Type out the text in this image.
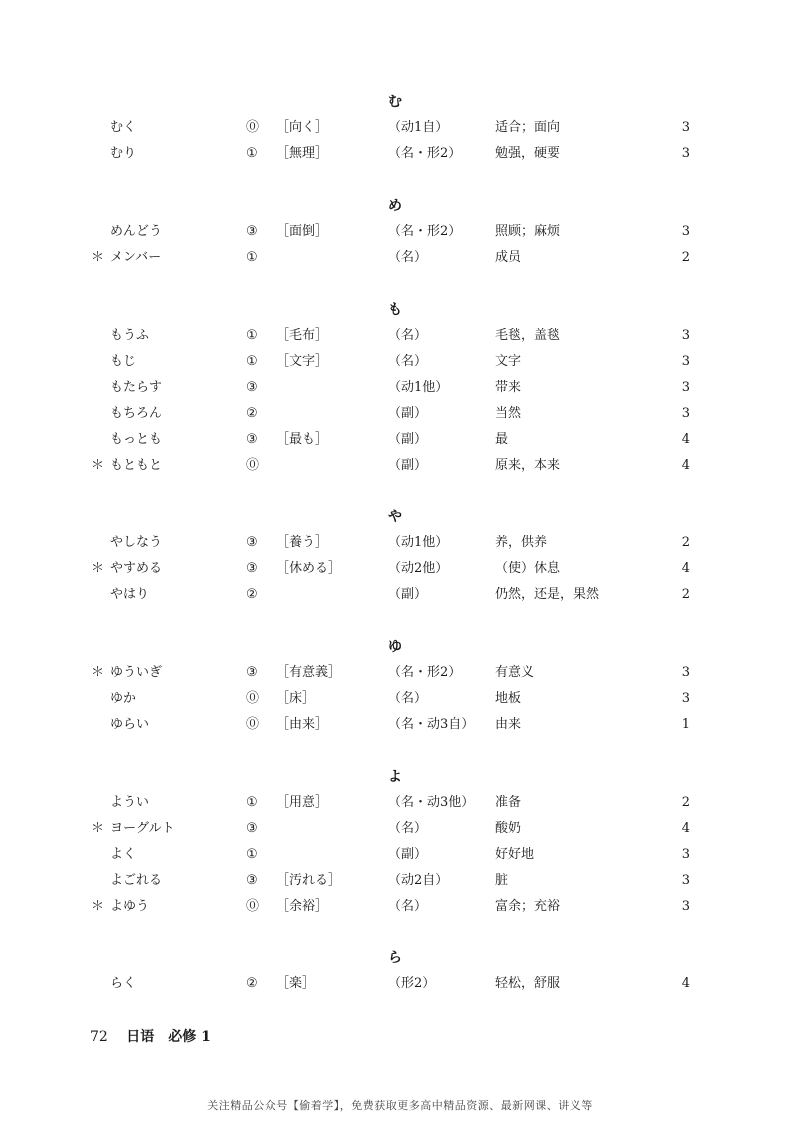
む
むく	⓪ ［向く］	（动1自）	适合；面向	3
むり	① ［無理］	（名・形2）	勉强，硬要	3
め
めんどう	③ ［面倒］	（名・形2）	照顾；麻烦	3
＊ メンバー	①	（名）	成员	2
も
もうふ	① ［毛布］	（名）	毛毯，盖毯	3
もじ	① ［文字］	（名）	文字	3
もたらす	③	（动1他）	带来	3
もちろん	②	（副）	当然	3
もっとも	③ ［最も］	（副）	最	4
＊ もともと	⓪	（副）	原来，本来	4
や
やしなう	③ ［養う］	（动1他）	养，供养	2
＊ やすめる	③ ［休める］	（动2他）	（使）休息	4
やはり	②	（副）	仍然，还是，果然	2
ゆ
＊ ゆういぎ	③ ［有意義］	（名・形2）	有意义	3
ゆか	⓪ ［床］	（名）	地板	3
ゆらい	⓪ ［由来］	（名・动3自） 由来	1
よ
ようい	① ［用意］	（名・动3他） 准备	2
＊ ヨーグルト	③	（名）	酸奶	4
よく	①	（副）	好好地	3
よごれる	③ ［汚れる］	（动2自）	脏	3
＊ よゆう	⓪ ［余裕］	（名）	富余；充裕	3
ら
らく	② ［楽］	（形2）	轻松，舒服	4
72 日语　必修 1
关注精品公众号【偷着学】，免费获取更多高中精品资源、最新网课、讲义等
